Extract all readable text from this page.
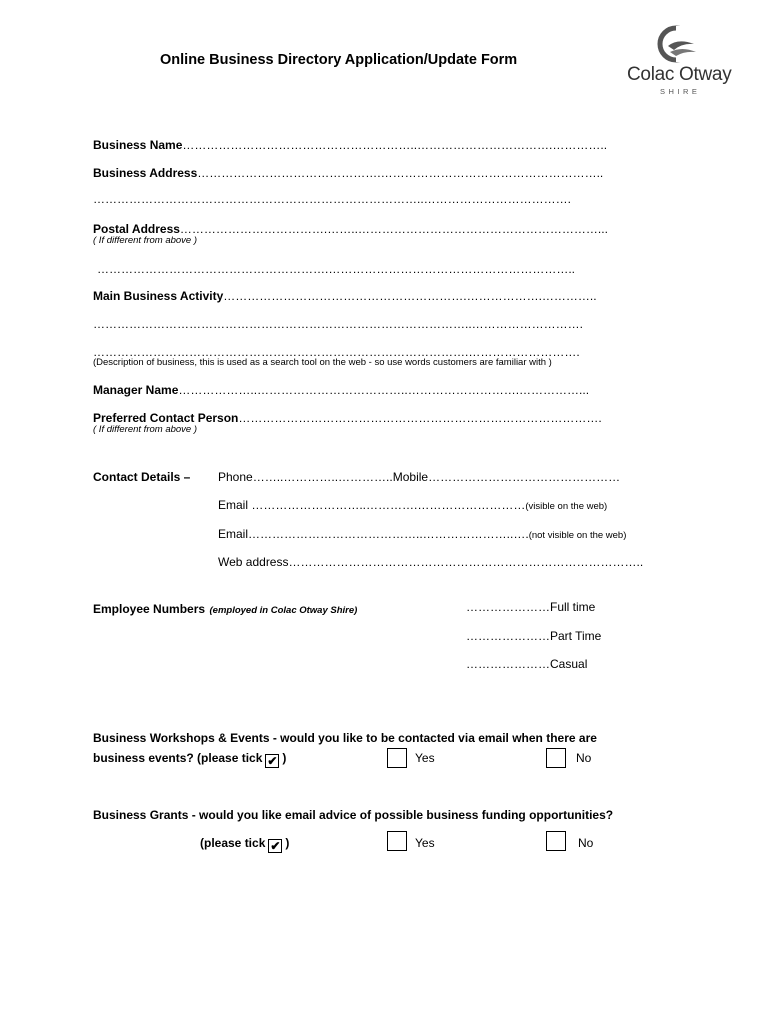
Online Business Directory Application/Update Form
Colac Otway
SHIRE
Business Name…………………………………………………..…………………………….…………..
Business Address……………………………………….………………………………………………..
………………………………………………………………………..……………………………….
Postal Address……………………………….……..……………………………………………………...
( If different from above )
………………………………………………….……………………………………………………..
Main Business Activity…………………………………………………….……………….…………..
…………………………………………………………………………………..……………………….
………………………………………………………………………………….……………………….
(Description of business, this is used as a search tool on the web - so use words customers are familiar with )
Manager Name………………..………………………………..……………………….……………...
Preferred Contact Person……………………………………………………………………………….
( If different from above )
Contact Details – Phone……..…………..…………..Mobile…………………………………………
Email ………………………..………….………………………(visible on the web)
Email……………………………………..…………………..….(not visible on the web)
Web address……………………………………………………………………………..
Employee Numbers (employed in Colac Otway Shire)	…………………Full time
…………………Part Time
…………………Casual
Business Workshops & Events - would you like to be contacted via email when there are
business events? (please tick ✔ )	Yes	No
Business Grants - would you like email advice of possible business funding opportunities?
(please tick ✔ )	Yes	No
